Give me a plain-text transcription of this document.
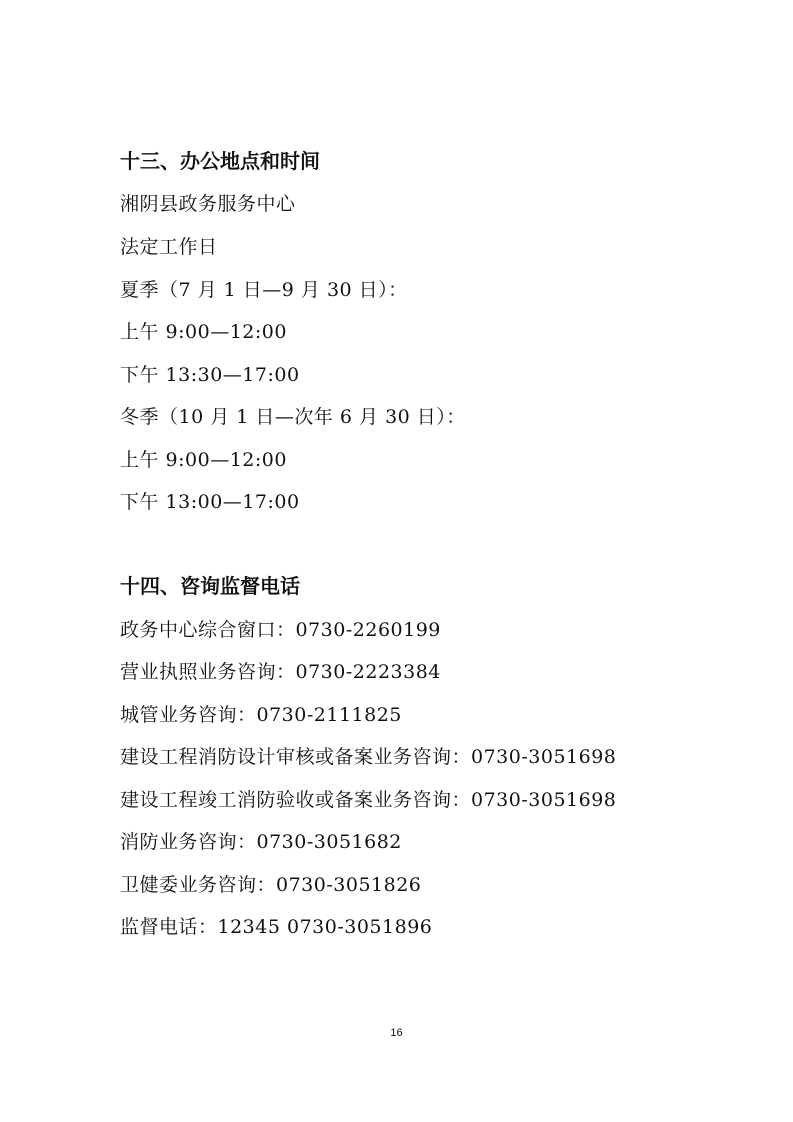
十三、办公地点和时间
湘阴县政务服务中心
法定工作日
夏季（7 月 1 日—9 月 30 日）：
上午 9:00—12:00
下午 13:30—17:00
冬季（10 月 1 日—次年 6 月 30 日）：
上午 9:00—12:00
下午 13:00—17:00
十四、咨询监督电话
政务中心综合窗口：0730-2260199
营业执照业务咨询：0730-2223384
城管业务咨询：0730-2111825
建设工程消防设计审核或备案业务咨询：0730-3051698
建设工程竣工消防验收或备案业务咨询：0730-3051698
消防业务咨询：0730-3051682
卫健委业务咨询：0730-3051826
监督电话：12345 0730-3051896
16
